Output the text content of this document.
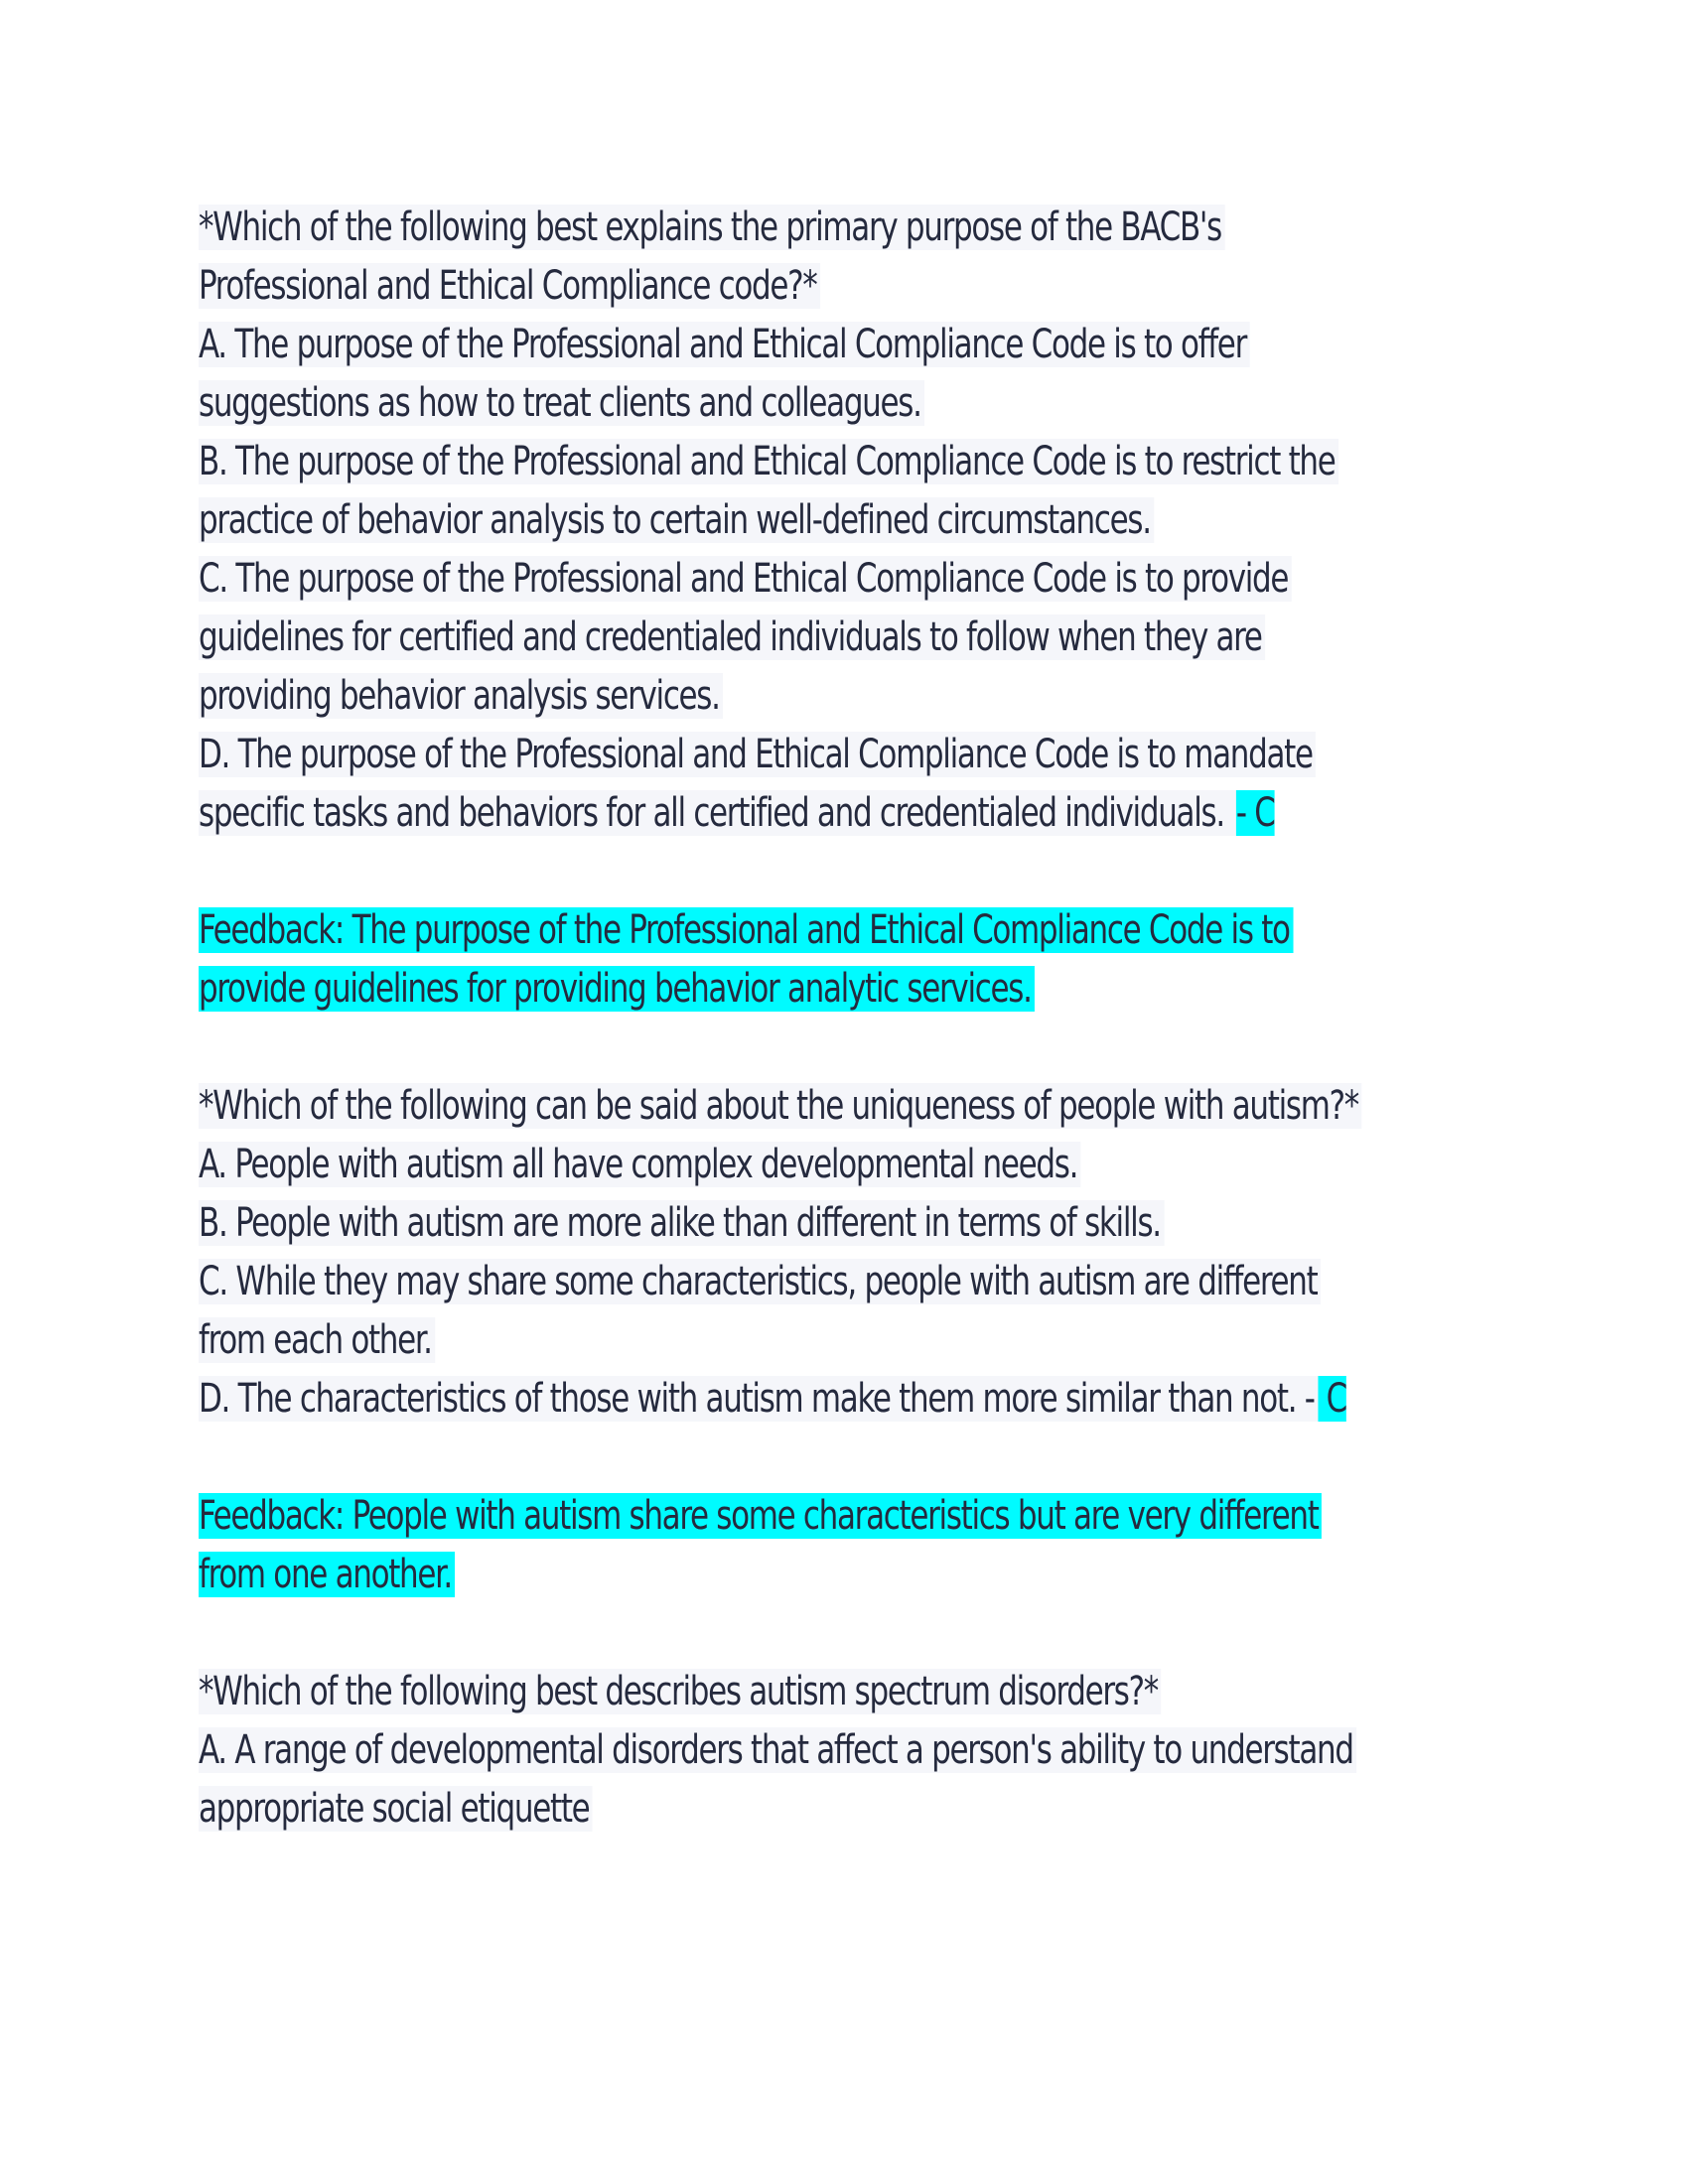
*Which of the following best explains the primary purpose of the BACB's
Professional and Ethical Compliance code?*
A. The purpose of the Professional and Ethical Compliance Code is to offer
suggestions as how to treat clients and colleagues.
B. The purpose of the Professional and Ethical Compliance Code is to restrict the
practice of behavior analysis to certain well-defined circumstances.
C. The purpose of the Professional and Ethical Compliance Code is to provide
guidelines for certified and credentialed individuals to follow when they are
providing behavior analysis services.
D. The purpose of the Professional and Ethical Compliance Code is to mandate
specific tasks and behaviors for all certified and credentialed individuals. - C
Feedback: The purpose of the Professional and Ethical Compliance Code is to
provide guidelines for providing behavior analytic services.
*Which of the following can be said about the uniqueness of people with autism?*
A. People with autism all have complex developmental needs.
B. People with autism are more alike than different in terms of skills.
C. While they may share some characteristics, people with autism are different
from each other.
D. The characteristics of those with autism make them more similar than not. - C
Feedback: People with autism share some characteristics but are very different
from one another.
*Which of the following best describes autism spectrum disorders?*
A. A range of developmental disorders that affect a person's ability to understand
appropriate social etiquette
